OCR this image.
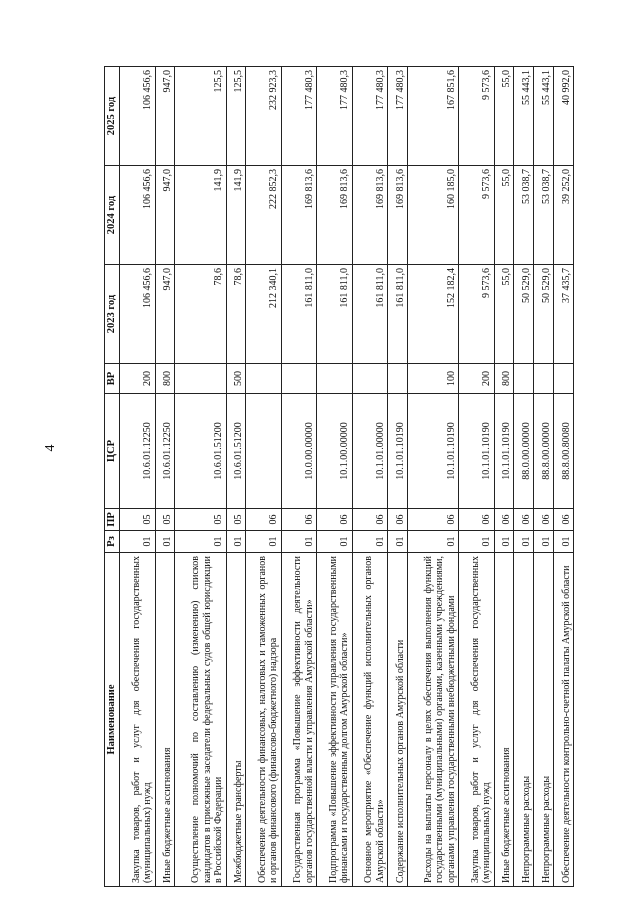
4
Наименование	Рз	ПР	ЦСР	ВР	2023 год	2024 год	2025 год
Закупка товаров, работ и услуг для обеспечения государственных (муниципальных) нужд	01	05	10.6.01.12250	200	106 456,6	106 456,6	106 456,6
Иные бюджетные ассигнования	01	05	10.6.01.12250	800	947,0	947,0	947,0
Осуществление полномочий по составлению (изменению) списков кандидатов в присяжные заседатели федеральных судов общей юрисдикции в Российской Федерации	01	05	10.6.01.51200		78,6	141,9	125,5
Межбюджетные трансферты	01	05	10.6.01.51200	500	78,6	141,9	125,5
Обеспечение деятельности финансовых, налоговых и таможенных органов и органов финансового (финансово-бюджетного) надзора	01	06			212 340,1	222 852,3	232 923,3
Государственная программа «Повышение эффективности деятельности органов государственной власти и управления Амурской области»	01	06	10.0.00.00000		161 811,0	169 813,6	177 480,3
Подпрограмма «Повышение эффективности управления государственными финансами и государственным долгом Амурской области»	01	06	10.1.00.00000		161 811,0	169 813,6	177 480,3
Основное мероприятие «Обеспечение функций исполнительных органов Амурской области»	01	06	10.1.01.00000		161 811,0	169 813,6	177 480,3
Содержание исполнительных органов Амурской области	01	06	10.1.01.10190		161 811,0	169 813,6	177 480,3
Расходы на выплаты персоналу в целях обеспечения выполнения функций государственными (муниципальными) органами, казенными учреждениями, органами управления государственными внебюджетными фондами	01	06	10.1.01.10190	100	152 182,4	160 185,0	167 851,6
Закупка товаров, работ и услуг для обеспечения государственных (муниципальных) нужд	01	06	10.1.01.10190	200	9 573,6	9 573,6	9 573,6
Иные бюджетные ассигнования	01	06	10.1.01.10190	800	55,0	55,0	55,0
Непрограммные расходы	01	06	88.0.00.00000		50 529,0	53 038,7	55 443,1
Непрограммные расходы	01	06	88.8.00.00000		50 529,0	53 038,7	55 443,1
Обеспечение деятельности контрольно-счетной палаты Амурской области	01	06	88.8.00.80080		37 435,7	39 252,0	40 992,0
